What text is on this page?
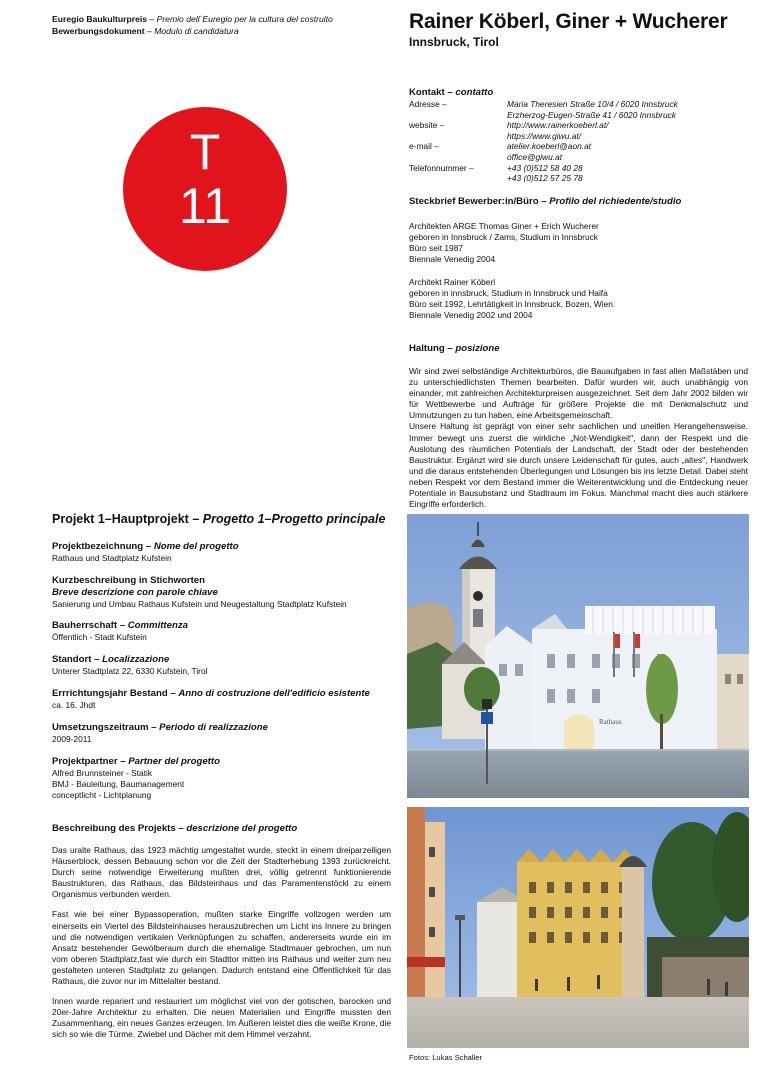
Euregio Baukulturpreis – Premio dell´Euregio per la cultura del costruito
Bewerbungsdokument – Modulo di candidatura	Rainer Köberl, Giner + Wucherer
Innsbruck, Tirol
T
11
Kontakt – contatto
Adresse –	Maria Theresien Straße 10/4 / 6020 Innsbruck
Erzherzog-Eugen-Straße 41 / 6020 Innsbruck
website –	http://www.rainerkoeberl.at/
https://www.giwu.at/
e-mail –	atelier.koeberl@aon.at
office@giwu.at
Telefonnummer –	+43 (0)512 58 40 28
+43 (0)512 57 25 78
Steckbrief Bewerber:in/Büro – Profilo del richiedente/studio
Architekten ARGE Thomas Giner + Erich Wucherer
geboren in Innsbruck / Zams, Studium in Innsbruck
Büro seit 1987
Biennale Venedig 2004
Architekt Rainer Köberl
geboren in innsbruck, Studium in Innsbruck und Haifa
Büro seit 1992, Lehrtätigkeit in Innsbruck, Bozen, Wien.
Biennale Venedig 2002 und 2004
Haltung – posizione

Wir sind zwei selbständige Architekturbüros, die Bauaufgaben in fast allen Maßstäben und zu unterschiedlichsten Themen bearbeiten. Dafür wurden wir, auch unabhängig von einander, mit zahlreichen Architekturpreisen ausgezeichnet. Seit dem Jahr 2002 bilden wir für Wettbewerbe und Aufträge für größere Projekte die mit Denkmalschutz und Umnutzungen zu tun haben, eine Arbeitsgemeinschaft.

Unsere Haltung ist geprägt von einer sehr sachlichen und uneitlen Herangehensweise. Immer bewegt uns zuerst die wirkliche „Not-Wendigkeit", dann der Respekt und die Auslotung des räumlichen Potentials der Landschaft, der Stadt oder der bestehenden Baustruktur. Ergänzt wird sie durch unsere Leidenschaft für gutes, auch „altes", Handwerk und die daraus entstehenden Überlegungen und Lösungen bis ins letzte Detail. Dabei steht neben Respekt vor dem Bestand immer die Weiterentwicklung und die Entdeckung neuer Potentiale in Bausubstanz und Stadtraum im Fokus. Manchmal macht dies auch stärkere Eingriffe erforderlich.

Projekt 1–Hauptprojekt – Progetto 1–Progetto principale
Projektbezeichnung – Nome del progetto
Rathaus und Stadtplatz Kufstein
Kurzbeschreibung in Stichworten
Breve descrizione con parole chiave
Sanierung und Umbau Rathaus Kufstein und Neugestaltung Stadtplatz Kufstein
Bauherrschaft – Committenza
Öffentlich - Stadt Kufstein
Standort – Localizzazione
Unterer Stadtplatz 22, 6330 Kufstein, Tirol
Errrichtungsjahr Bestand – Anno di costruzione dell'edificio esistente
ca. 16. Jhdt
Umsetzungszeitraum – Periodo di realizzazione
2009-2011
Projektpartner – Partner del progetto
Alfred Brunnsteiner - Statik
BMJ - Bauleitung, Baumanagement
conceptlicht - Lichtplanung
Beschreibung des Projekts – descrizione del progetto

Das uralte Rathaus, das 1923 mächtig umgestaltet wurde, steckt in einem dreiparzelligen Häuserblock, dessen Bebauung schon vor die Zeit der Stadterhebung 1393 zurückreicht. Durch seine notwendige Erweiterung mußten drei, völlig getrennt funktionierende Baustrukturen, das Rathaus, das Bildsteinhaus und das Paramentenstöckl zu einem Organismus verbunden werden.

Fast wie bei einer Bypassoperation, mußten starke Eingriffe vollzogen werden um einerseits ein Viertel des Bildsteinhauses herauszubrechen um Licht ins Innere zu bringen und die notwendigen vertikalen Verknüpfungen zu schaffen, andererseits wurde ein im Ansatz bestehender Gewölberaum durch die ehemalige Stadtmauer gebrochen, um nun vom oberen Stadtplatz,fast wie durch ein Stadttor mitten ins Rathaus und weiter zum neu gestalteten unteren Stadtplatz zu gelangen. Dadurch entstand eine Öffentlichkeit für das Rathaus, die zuvor nur im Mittelalter bestand.

Innen wurde repariert und restauriert um möglichst viel von der gotischen, barocken und 20er-Jahre Architektur zu erhalten. Die neuen Materialien und Eingriffe mussten den Zusammenhang, ein neues Ganzes erzeugen. Im Äußeren leistet dies die weiße Krone, die sich so wie die Türme, Zwiebel und Dächer mit dem Himmel verzahnt.

Rathaus
Fotos: Lukas Schaller
